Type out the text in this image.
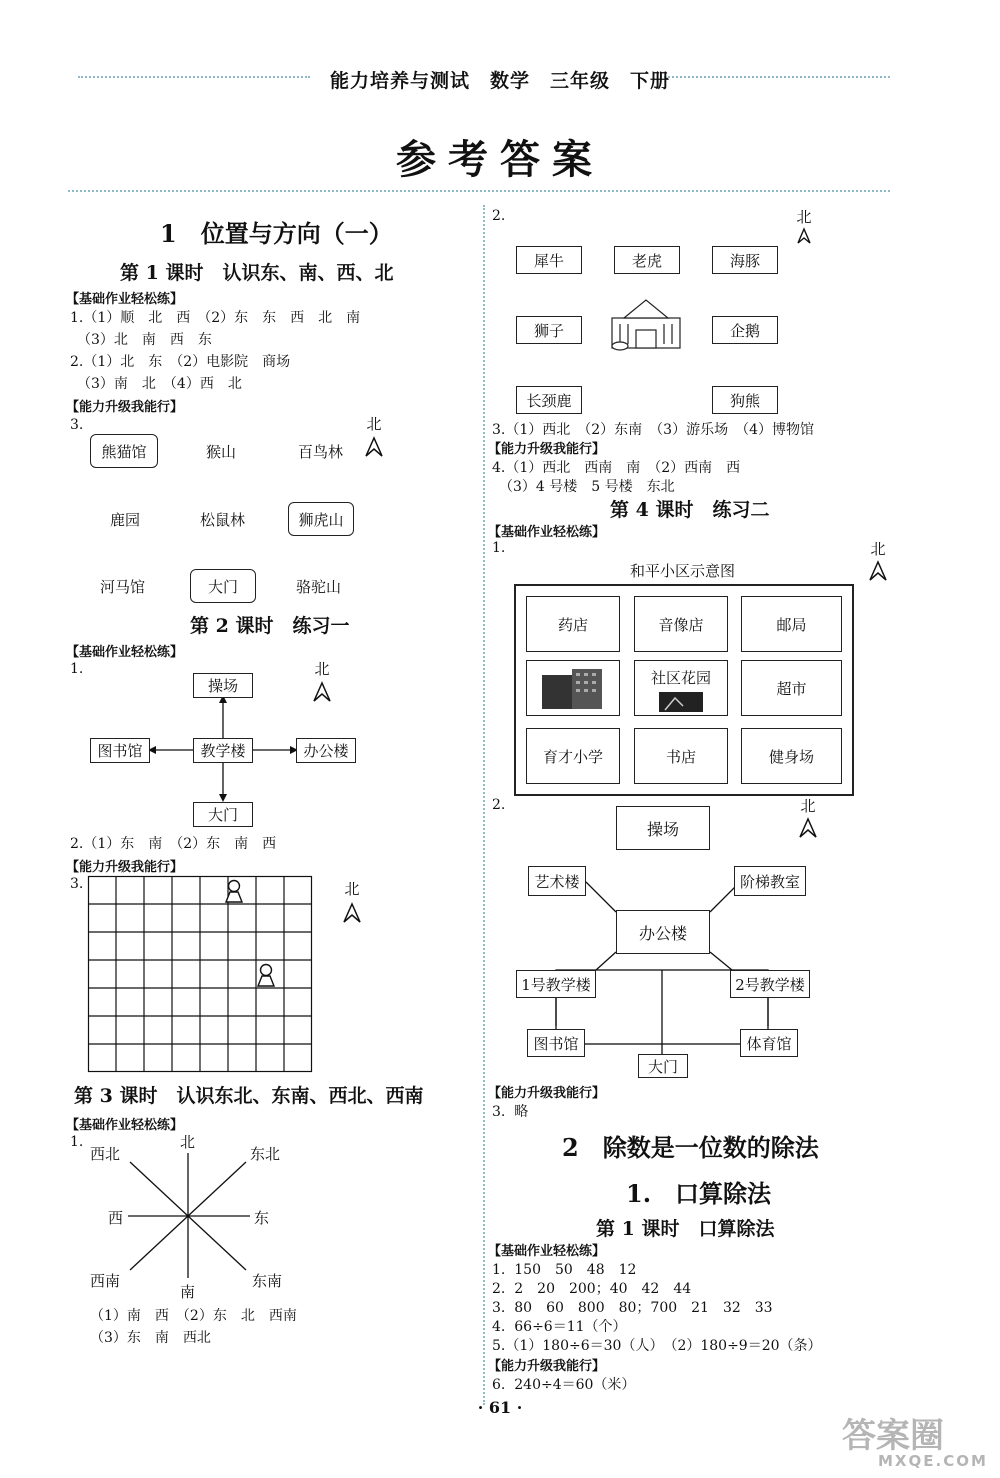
能力培养与测试　数学　三年级　下册
参考答案
1　位置与方向（一）
第 1 课时　认识东、南、西、北
【基础作业轻松练】
1.（1）顺　北　西　（2）东　东　西　北　南
　（3）北　南　西　东
2.（1）北　东　（2）电影院　商场
　（3）南　北　（4）西　北
【能力升级我能行】
3.
熊猫馆	猴山	百鸟林
鹿园	松鼠林	狮虎山
河马馆	大门	骆驼山
北
第 2 课时　练习一
【基础作业轻松练】
1.
操场
图书馆	教学楼	办公楼
大门
北
2.（1）东　南　（2）东　南　西
【能力升级我能行】
3.	北
第 3 课时　认识东北、东南、西北、西南
【基础作业轻松练】
1.	北
南
东
西
东北
西北
东南
西南
（1）南　西　（2）东　北　西南
（3）东　南　西北
2.	北
犀牛	老虎	海豚
狮子	企鹅
长颈鹿	狗熊
3.（1）西北　（2）东南　（3）游乐场　（4）博物馆
【能力升级我能行】
4.（1）西北　西南　南　（2）西南　西
　（3）4 号楼　5 号楼　东北
第 4 课时　练习二
【基础作业轻松练】
1.	北
和平小区示意图
药店	音像店	邮局
社区花园
超市
育才小学	书店	健身场
2.	北
操场
艺术楼	阶梯教室
办公楼
1号教学楼	2号教学楼
图书馆	体育馆
大门
【能力升级我能行】
3.  略
2　除数是一位数的除法
1.　口算除法
第 1 课时　口算除法
【基础作业轻松练】
1.  150　50　48　12
2.  2　20　200；40　42　44
3.  80　60　800　80；700　21　32　33
4.  66÷6＝11（个）
5.（1）180÷6＝30（人）　（2）180÷9＝20（条）
【能力升级我能行】
6.  240÷4＝60（米）
· 61 ·
答案圈
MXQE.COM
